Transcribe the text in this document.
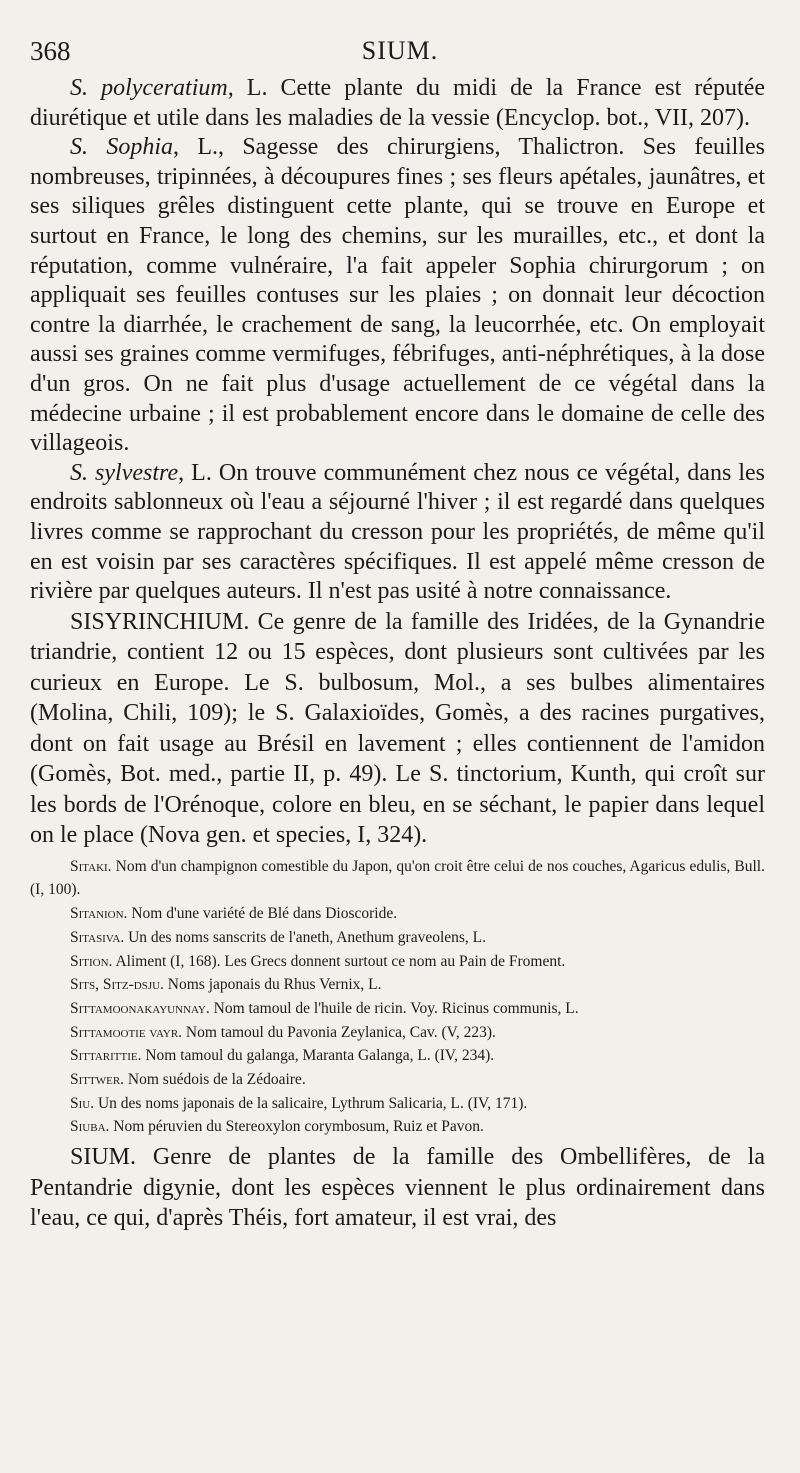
368	SIUM.

S. polyceratium, L. Cette plante du midi de la France est réputée diurétique et utile dans les maladies de la vessie (Encyclop. bot., VII, 207).

S. Sophia, L., Sagesse des chirurgiens, Thalictron. Ses feuilles nombreuses, tripinnées, à découpures fines ; ses fleurs apétales, jaunâtres, et ses siliques grêles distinguent cette plante, qui se trouve en Europe et surtout en France, le long des chemins, sur les murailles, etc., et dont la réputation, comme vulnéraire, l'a fait appeler Sophia chirurgorum ; on appliquait ses feuilles contuses sur les plaies ; on donnait leur décoction contre la diarrhée, le crachement de sang, la leucorrhée, etc. On employait aussi ses graines comme vermifuges, fébrifuges, anti-néphrétiques, à la dose d'un gros. On ne fait plus d'usage actuellement de ce végétal dans la médecine urbaine ; il est probablement encore dans le domaine de celle des villageois.

S. sylvestre, L. On trouve communément chez nous ce végétal, dans les endroits sablonneux où l'eau a séjourné l'hiver ; il est regardé dans quelques livres comme se rapprochant du cresson pour les propriétés, de même qu'il en est voisin par ses caractères spécifiques. Il est appelé même cresson de rivière par quelques auteurs. Il n'est pas usité à notre connaissance.

SISYRINCHIUM. Ce genre de la famille des Iridées, de la Gynandrie triandrie, contient 12 ou 15 espèces, dont plusieurs sont cultivées par les curieux en Europe. Le S. bulbosum, Mol., a ses bulbes alimentaires (Molina, Chili, 109); le S. Galaxioïdes, Gomès, a des racines purgatives, dont on fait usage au Brésil en lavement ; elles contiennent de l'amidon (Gomès, Bot. med., partie II, p. 49). Le S. tinctorium, Kunth, qui croît sur les bords de l'Orénoque, colore en bleu, en se séchant, le papier dans lequel on le place (Nova gen. et species, I, 324).

Sitaki. Nom d'un champignon comestible du Japon, qu'on croit être celui de nos couches, Agaricus edulis, Bull. (I, 100).

Sitanion. Nom d'une variété de Blé dans Dioscoride.

Sitasiva. Un des noms sanscrits de l'aneth, Anethum graveolens, L.

Sition. Aliment (I, 168). Les Grecs donnent surtout ce nom au Pain de Froment.

Sits, Sitz-dsju. Noms japonais du Rhus Vernix, L.

Sittamoonakayunnay. Nom tamoul de l'huile de ricin. Voy. Ricinus communis, L.

Sittamootie vayr. Nom tamoul du Pavonia Zeylanica, Cav. (V, 223).

Sittarittie. Nom tamoul du galanga, Maranta Galanga, L. (IV, 234).

Sittwer. Nom suédois de la Zédoaire.

Siu. Un des noms japonais de la salicaire, Lythrum Salicaria, L. (IV, 171).

Siuba. Nom péruvien du Stereoxylon corymbosum, Ruiz et Pavon.

SIUM. Genre de plantes de la famille des Ombellifères, de la Pentandrie digynie, dont les espèces viennent le plus ordinairement dans l'eau, ce qui, d'après Théis, fort amateur, il est vrai, des
